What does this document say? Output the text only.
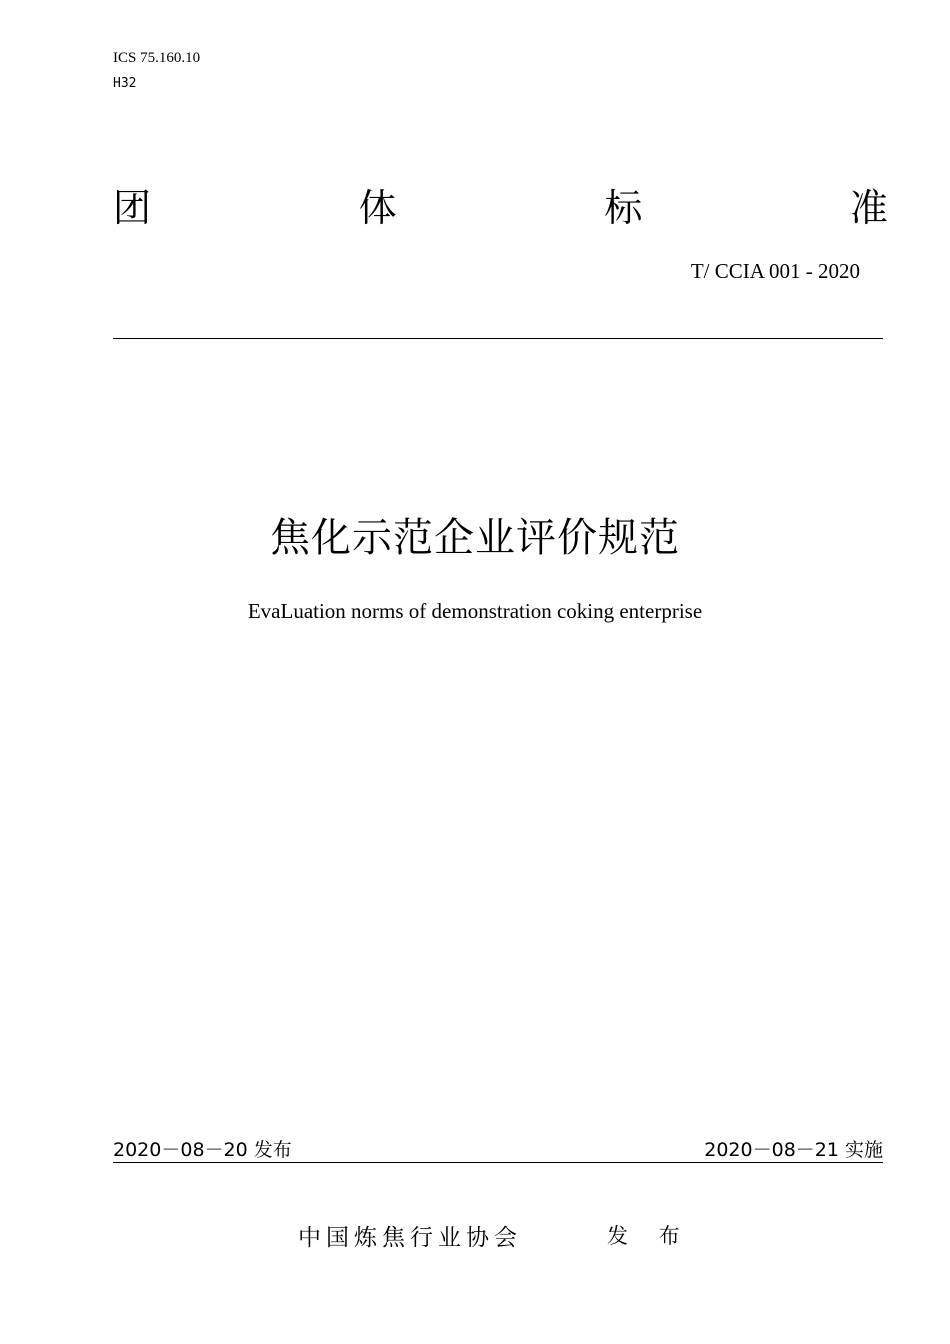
ICS 75.160.10
H32
团	体	标	准
T/ CCIA 001 - 2020
焦化示范企业评价规范
EvaLuation norms of demonstration coking enterprise
2020－08－20 发布	2020－08－21 实施
中国炼焦行业协会	发 布
